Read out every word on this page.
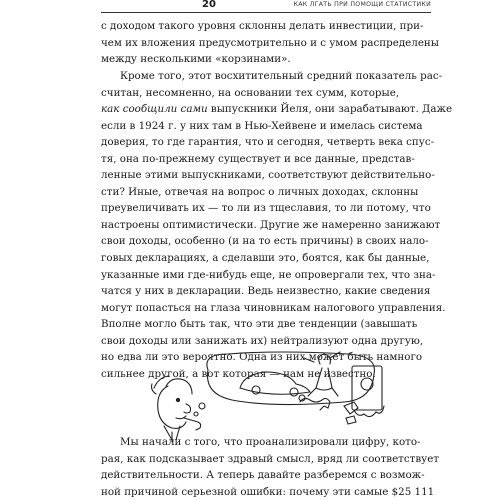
20	КАК ЛГАТЬ ПРИ ПОМОЩИ СТАТИСТИКИ
с доходом такого уровня склонны делать инвестиции, при-
чем их вложения предусмотрительно и с умом распределены
между несколькими «корзинами».
Кроме того, этот восхитительный средний показатель рас-
считан, несомненно, на основании тех сумм, которые,
как сообщили сами выпускники Йеля, они зарабатывают. Даже
если в 1924 г. у них там в Нью-Хейвене и имелась система
доверия, то где гарантия, что и сегодня, четверть века спус-
тя, она по-прежнему существует и все данные, представ-
ленные этими выпускниками, соответствуют действительно-
сти? Иные, отвечая на вопрос о личных доходах, склонны
преувеличивать их — то ли из тщеславия, то ли потому, что
настроены оптимистически. Другие же намеренно занижают
свои доходы, особенно (и на то есть причины) в своих нало-
говых декларациях, а сделавши это, боятся, как бы данные,
указанные ими где-нибудь еще, не опровергали тех, что зна-
чатся у них в декларации. Ведь неизвестно, какие сведения
могут попасться на глаза чиновникам налогового управления.
Вполне могло быть так, что эти две тенденции (завышать
свои доходы или занижать их) нейтрализуют одна другую,
но едва ли это вероятно. Одна из них может быть намного
сильнее другой, а вот которая — нам не известно.
Мы начали с того, что проанализировали цифру, кото-
рая, как подсказывает здравый смысл, вряд ли соответствует
действительности. А теперь давайте разберемся с возмож-
ной причиной серьезной ошибки: почему эти самые $25 111
